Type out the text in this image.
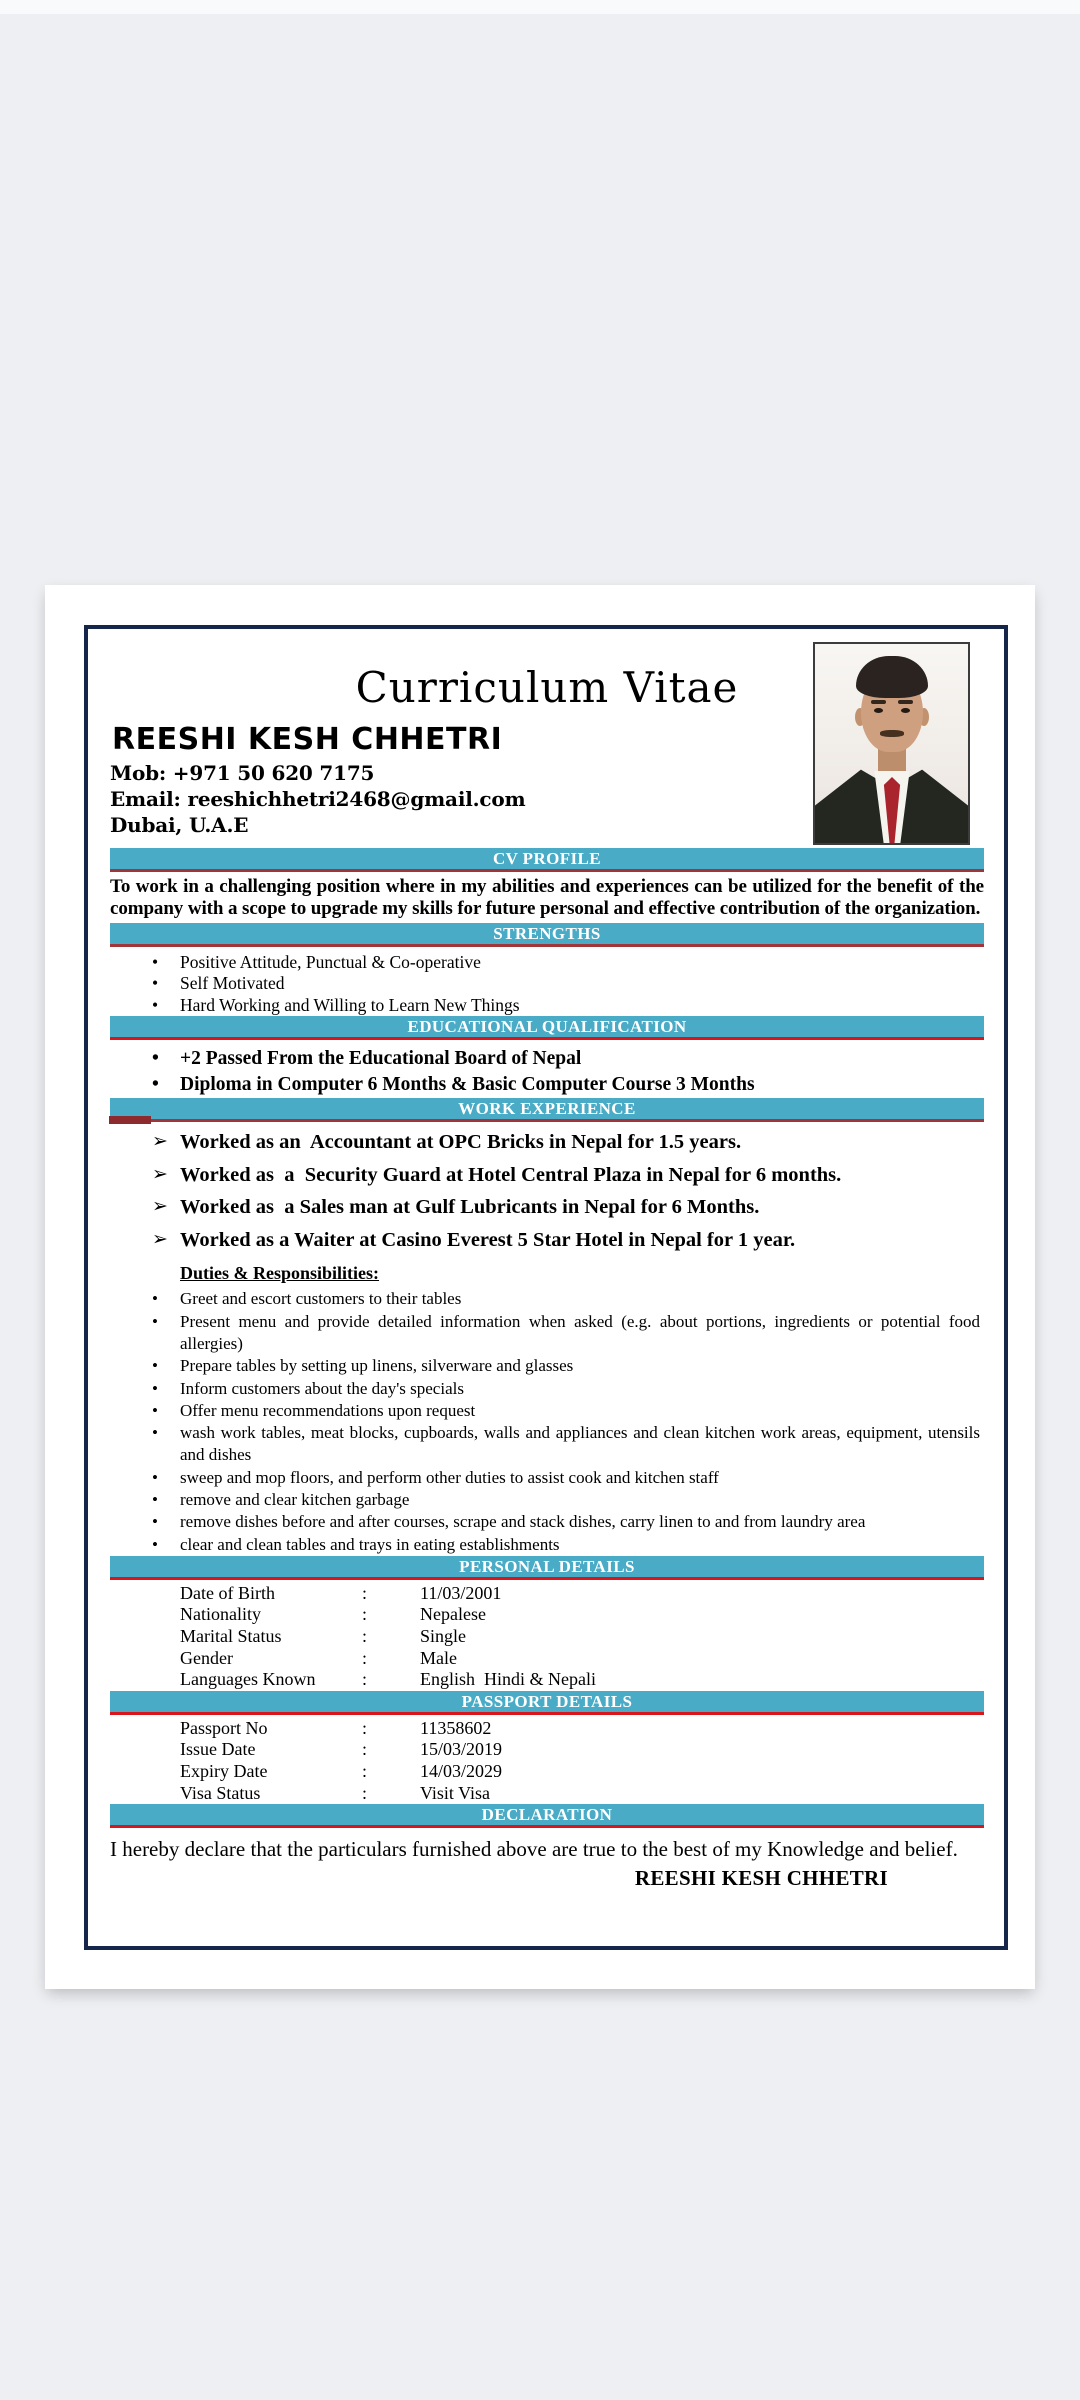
Curriculum Vitae
REESHI KESH CHHETRI
Mob: +971 50 620 7175
Email: reeshichhetri2468@gmail.com
Dubai, U.A.E
CV PROFILE

To work in a challenging position where in my abilities and experiences can be utilized for the benefit of the company with a scope to upgrade my skills for future personal and effective contribution of the organization.

STRENGTHS
•	Positive Attitude, Punctual & Co-operative
•	Self Motivated
•	Hard Working and Willing to Learn New Things
EDUCATIONAL QUALIFICATION
•	+2 Passed From the Educational Board of Nepal
•	Diploma in Computer 6 Months & Basic Computer Course 3 Months
WORK EXPERIENCE
➢ Worked as an  Accountant at OPC Bricks in Nepal for 1.5 years.
➢ Worked as  a  Security Guard at Hotel Central Plaza in Nepal for 6 months.
➢ Worked as  a Sales man at Gulf Lubricants in Nepal for 6 Months.
➢ Worked as a Waiter at Casino Everest 5 Star Hotel in Nepal for 1 year.
Duties & Responsibilities:
•	Greet and escort customers to their tables
•	Present menu and provide detailed information when asked (e.g. about portions, ingredients or potential food allergies)
•	Prepare tables by setting up linens, silverware and glasses
•	Inform customers about the day's specials
•	Offer menu recommendations upon request
•	wash work tables, meat blocks, cupboards, walls and appliances and clean kitchen work areas, equipment, utensils and dishes
•	sweep and mop floors, and perform other duties to assist cook and kitchen staff
•	remove and clear kitchen garbage
•	remove dishes before and after courses, scrape and stack dishes, carry linen to and from laundry area
•	clear and clean tables and trays in eating establishments
PERSONAL DETAILS
Date of Birth	:	11/03/2001
Nationality	:	Nepalese
Marital Status	:	Single
Gender	:	Male
Languages Known	:	English  Hindi & Nepali
PASSPORT DETAILS
Passport No	:	11358602
Issue Date	:	15/03/2019
Expiry Date	:	14/03/2029
Visa Status	:	Visit Visa
DECLARATION

I hereby declare that the particulars furnished above are true to the best of my Knowledge and belief.

REESHI KESH CHHETRI
